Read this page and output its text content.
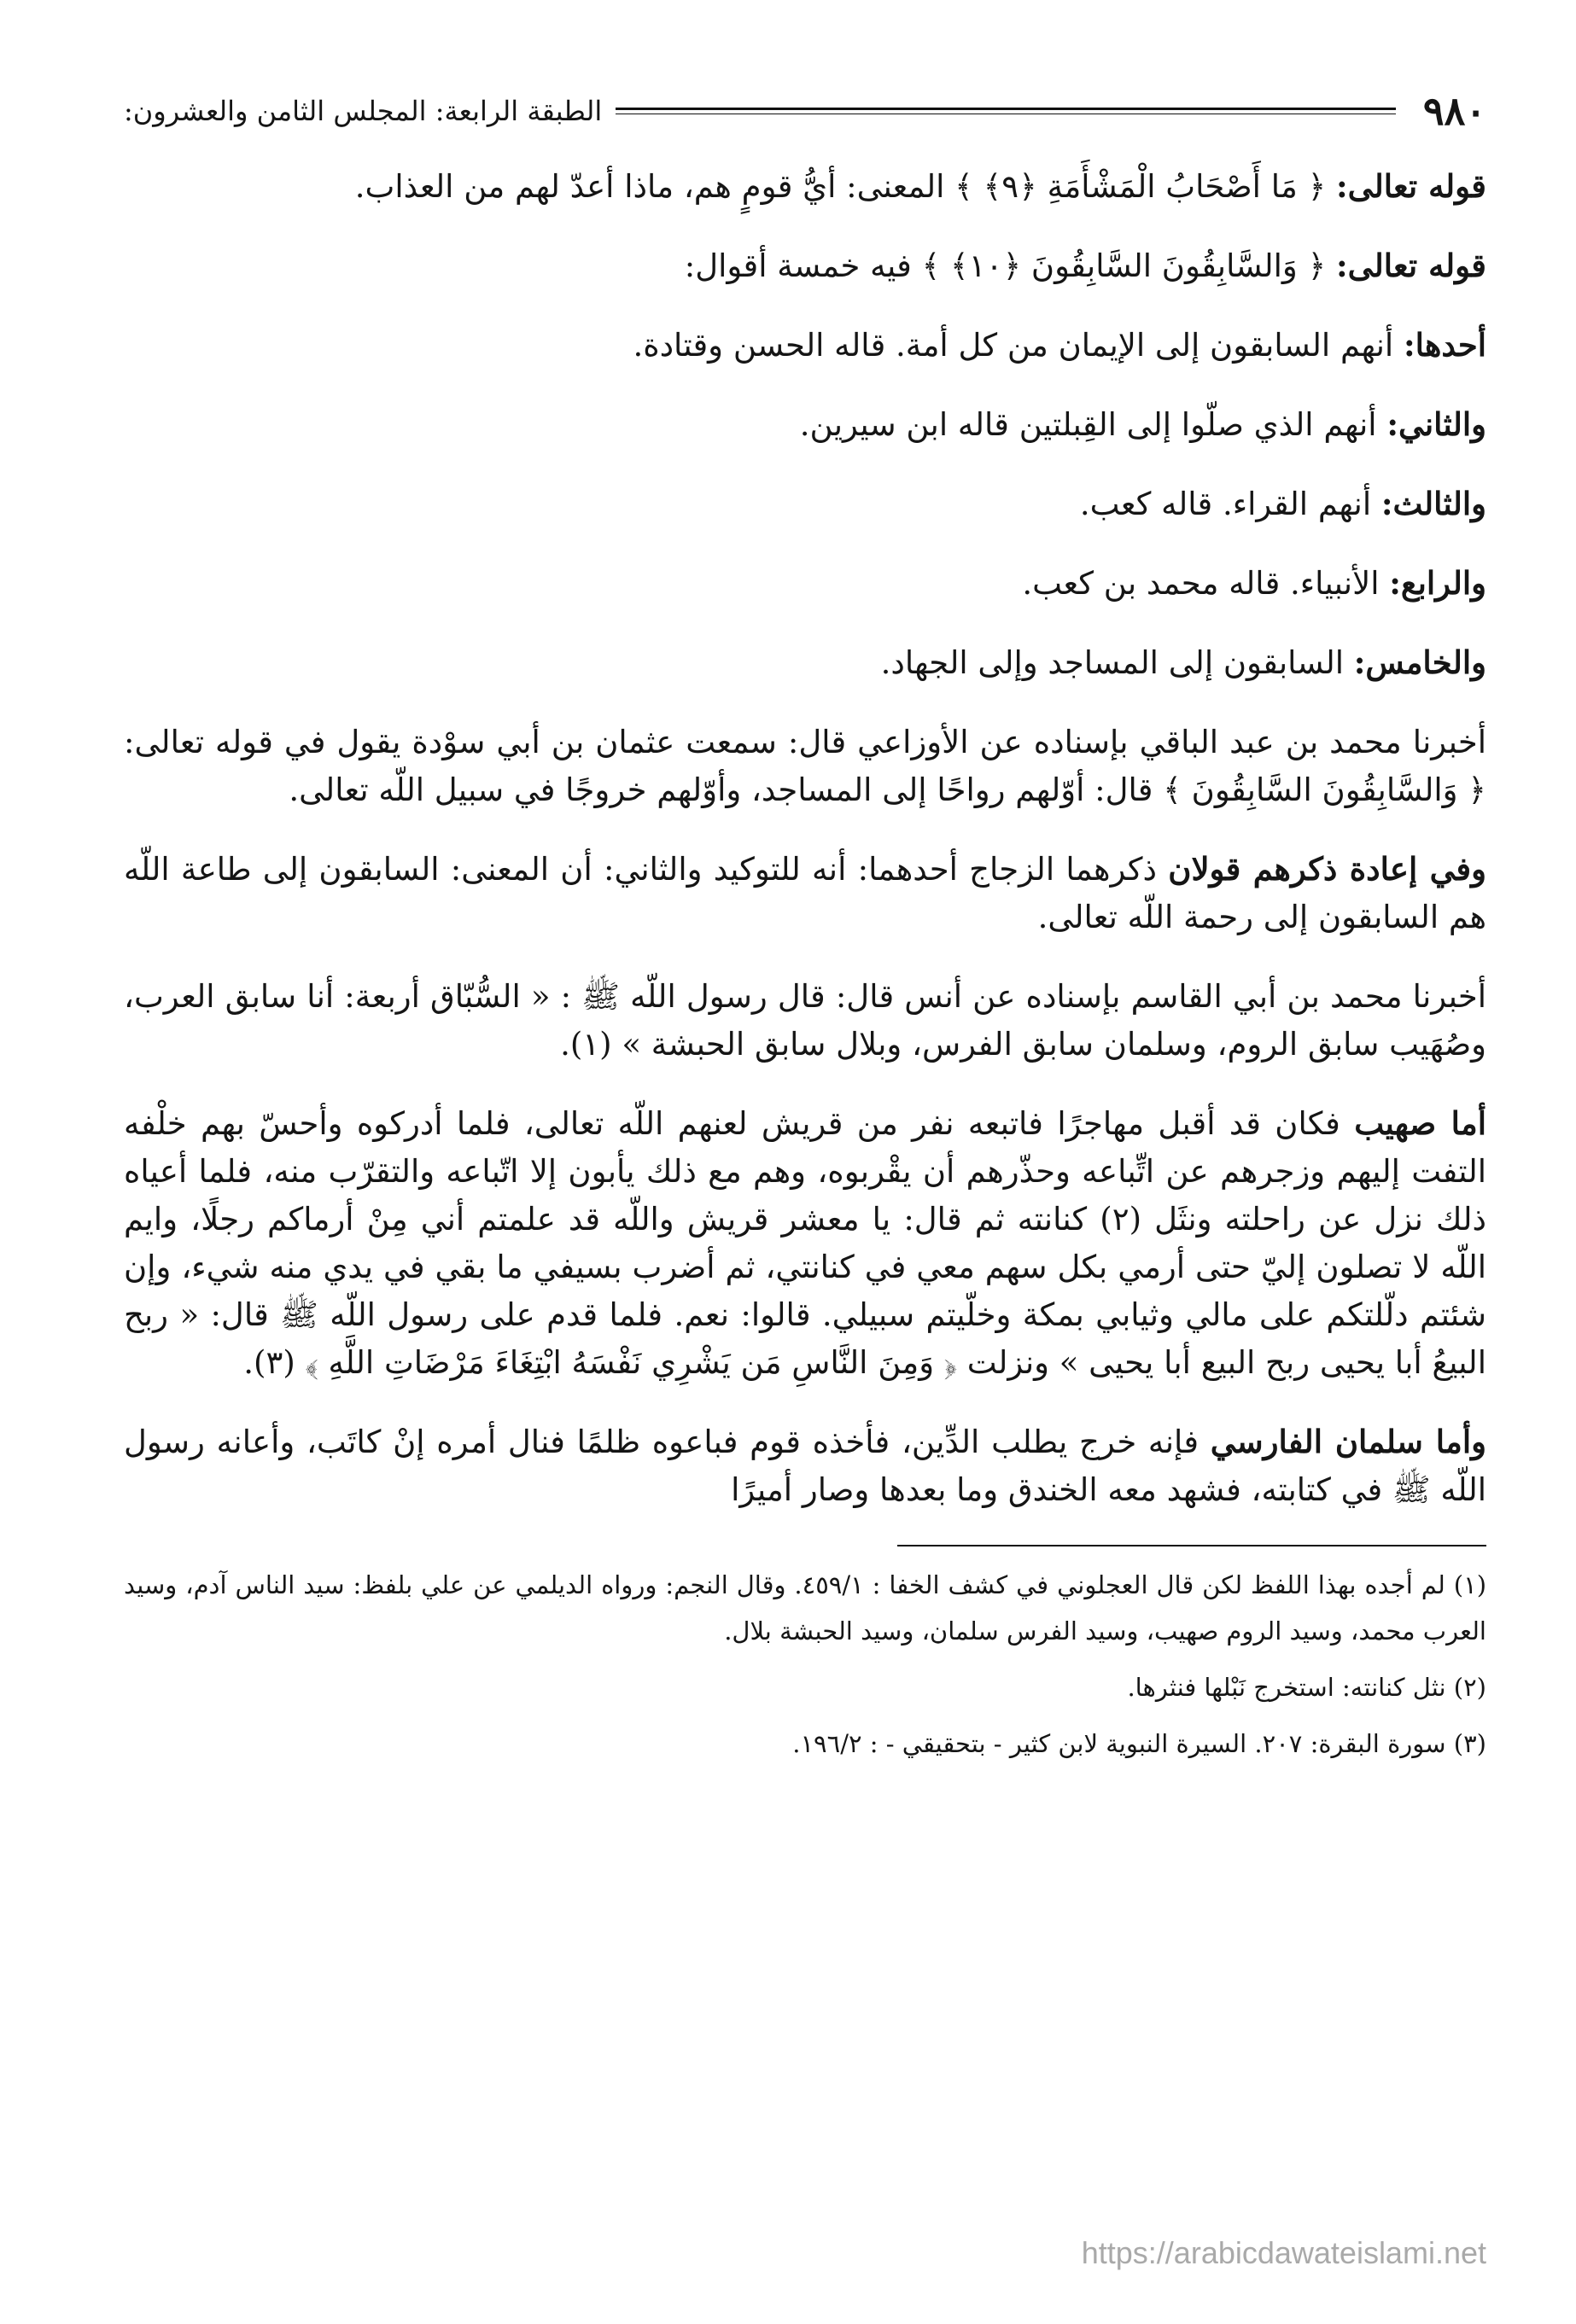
٩٨٠
الطبقة الرابعة: المجلس الثامن والعشرون:

قوله تعالى: ﴿ مَا أَصْحَابُ الْمَشْأَمَةِ ﴿٩﴾ ﴾ المعنى: أيُّ قومٍ هم، ماذا أعدّ لهم من العذاب.

قوله تعالى: ﴿ وَالسَّابِقُونَ السَّابِقُونَ ﴿١٠﴾ ﴾ فيه خمسة أقوال:

أحدها: أنهم السابقون إلى الإيمان من كل أمة. قاله الحسن وقتادة.

والثاني: أنهم الذي صلّوا إلى القِبلتين قاله ابن سيرين.

والثالث: أنهم القراء. قاله كعب.

والرابع: الأنبياء. قاله محمد بن كعب.

والخامس: السابقون إلى المساجد وإلى الجهاد.

أخبرنا محمد بن عبد الباقي بإسناده عن الأوزاعي قال: سمعت عثمان بن أبي سوْدة يقول في قوله تعالى: ﴿ وَالسَّابِقُونَ السَّابِقُونَ ﴾ قال: أوّلهم رواحًا إلى المساجد، وأوّلهم خروجًا في سبيل اللّه تعالى.

وفي إعادة ذكرهم قولان ذكرهما الزجاج أحدهما: أنه للتوكيد والثاني: أن المعنى: السابقون إلى طاعة اللّه هم السابقون إلى رحمة اللّه تعالى.

أخبرنا محمد بن أبي القاسم بإسناده عن أنس قال: قال رسول اللّه ﷺ : « السُّبّاق أربعة: أنا سابق العرب، وصُهَيب سابق الروم، وسلمان سابق الفرس، وبلال سابق الحبشة » (١).

أما صهيب فكان قد أقبل مهاجرًا فاتبعه نفر من قريش لعنهم اللّه تعالى، فلما أدركوه وأحسّ بهم خلْفه التفت إليهم وزجرهم عن اتِّباعه وحذّرهم أن يقْربوه، وهم مع ذلك يأبون إلا اتّباعه والتقرّب منه، فلما أعياه ذلك نزل عن راحلته ونثَل (٢) كنانته ثم قال: يا معشر قريش واللّه قد علمتم أني مِنْ أرماكم رجلًا، وايم اللّه لا تصلون إليّ حتى أرمي بكل سهم معي في كنانتي، ثم أضرب بسيفي ما بقي في يدي منه شيء، وإن شئتم دلّلتكم على مالي وثيابي بمكة وخلّيتم سبيلي. قالوا: نعم. فلما قدم على رسول اللّه ﷺ قال: « ربح البيعُ أبا يحيى ربح البيع أبا يحيى » ونزلت ﴿ وَمِنَ النَّاسِ مَن يَشْرِي نَفْسَهُ ابْتِغَاءَ مَرْضَاتِ اللَّهِ ﴾ (٣).

وأما سلمان الفارسي فإنه خرج يطلب الدِّين، فأخذه قوم فباعوه ظلمًا فنال أمره إنْ كاتَب، وأعانه رسول اللّه ﷺ في كتابته، فشهد معه الخندق وما بعدها وصار أميرًا

(١) لم أجده بهذا اللفظ لكن قال العجلوني في كشف الخفا : ٤٥٩/١. وقال النجم: ورواه الديلمي عن علي بلفظ: سيد الناس آدم، وسيد العرب محمد، وسيد الروم صهيب، وسيد الفرس سلمان، وسيد الحبشة بلال.

(٢) نثل كنانته: استخرج نَبْلها فنثرها.

(٣) سورة البقرة: ٢٠٧. السيرة النبوية لابن كثير - بتحقيقي - : ١٩٦/٢.

https://arabicdawateislami.net
